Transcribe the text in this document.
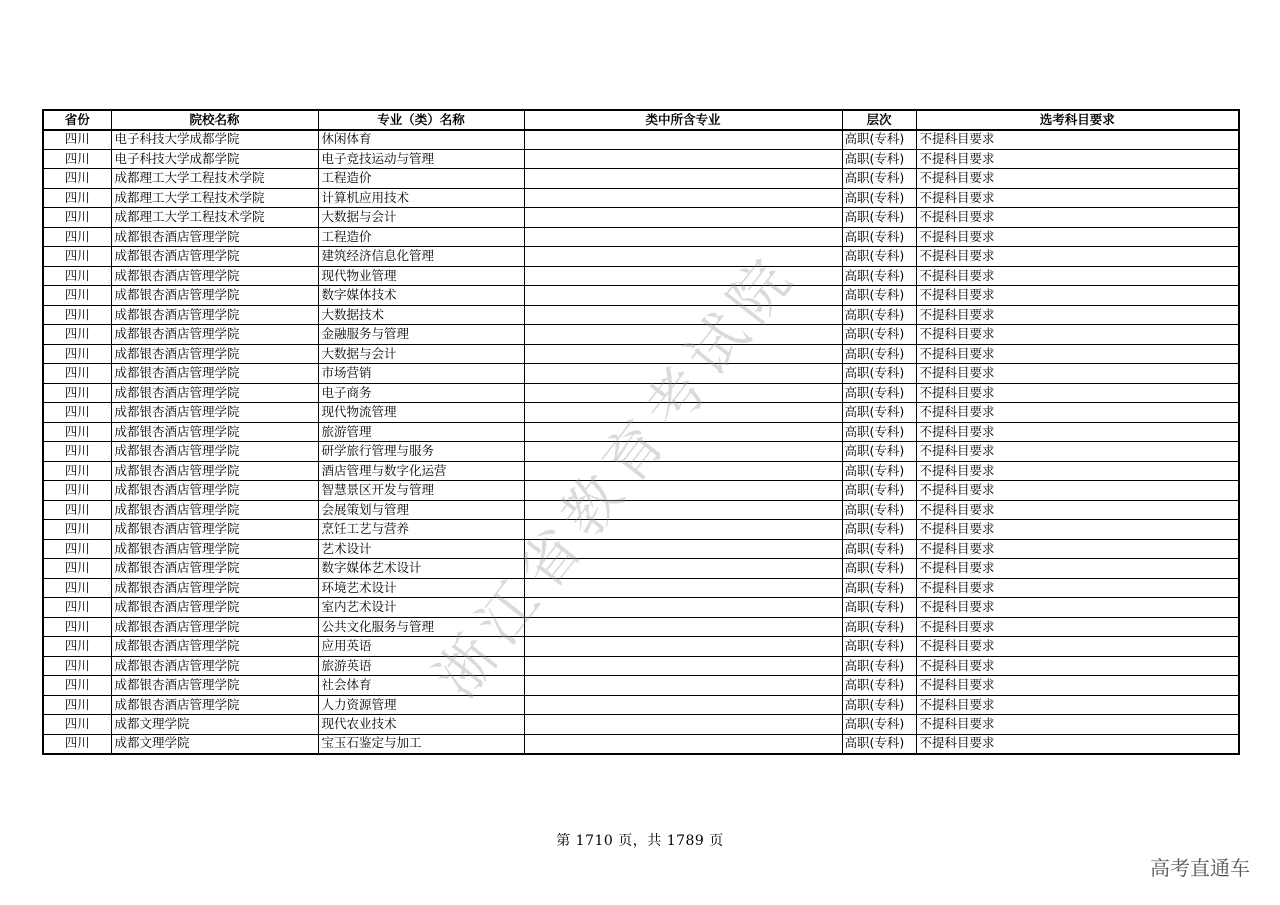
省份	院校名称	专业（类）名称	类中所含专业	层次	选考科目要求
四川	电子科技大学成都学院	休闲体育		高职(专科)	不提科目要求
四川	电子科技大学成都学院	电子竞技运动与管理		高职(专科)	不提科目要求
四川	成都理工大学工程技术学院	工程造价		高职(专科)	不提科目要求
四川	成都理工大学工程技术学院	计算机应用技术		高职(专科)	不提科目要求
四川	成都理工大学工程技术学院	大数据与会计		高职(专科)	不提科目要求
四川	成都银杏酒店管理学院	工程造价		高职(专科)	不提科目要求
四川	成都银杏酒店管理学院	建筑经济信息化管理		高职(专科)	不提科目要求
四川	成都银杏酒店管理学院	现代物业管理		高职(专科)	不提科目要求
四川	成都银杏酒店管理学院	数字媒体技术		高职(专科)	不提科目要求
四川	成都银杏酒店管理学院	大数据技术		高职(专科)	不提科目要求
四川	成都银杏酒店管理学院	金融服务与管理		高职(专科)	不提科目要求
四川	成都银杏酒店管理学院	大数据与会计		高职(专科)	不提科目要求
四川	成都银杏酒店管理学院	市场营销		高职(专科)	不提科目要求
四川	成都银杏酒店管理学院	电子商务		高职(专科)	不提科目要求
四川	成都银杏酒店管理学院	现代物流管理		高职(专科)	不提科目要求
四川	成都银杏酒店管理学院	旅游管理		高职(专科)	不提科目要求
四川	成都银杏酒店管理学院	研学旅行管理与服务		高职(专科)	不提科目要求
四川	成都银杏酒店管理学院	酒店管理与数字化运营		高职(专科)	不提科目要求
四川	成都银杏酒店管理学院	智慧景区开发与管理		高职(专科)	不提科目要求
四川	成都银杏酒店管理学院	会展策划与管理		高职(专科)	不提科目要求
四川	成都银杏酒店管理学院	烹饪工艺与营养		高职(专科)	不提科目要求
四川	成都银杏酒店管理学院	艺术设计		高职(专科)	不提科目要求
四川	成都银杏酒店管理学院	数字媒体艺术设计		高职(专科)	不提科目要求
四川	成都银杏酒店管理学院	环境艺术设计		高职(专科)	不提科目要求
四川	成都银杏酒店管理学院	室内艺术设计		高职(专科)	不提科目要求
四川	成都银杏酒店管理学院	公共文化服务与管理		高职(专科)	不提科目要求
四川	成都银杏酒店管理学院	应用英语		高职(专科)	不提科目要求
四川	成都银杏酒店管理学院	旅游英语		高职(专科)	不提科目要求
四川	成都银杏酒店管理学院	社会体育		高职(专科)	不提科目要求
四川	成都银杏酒店管理学院	人力资源管理		高职(专科)	不提科目要求
四川	成都文理学院	现代农业技术		高职(专科)	不提科目要求
四川	成都文理学院	宝玉石鉴定与加工		高职(专科)	不提科目要求
浙江省教育考试院
第 1710 页，共 1789 页
高考直通车
